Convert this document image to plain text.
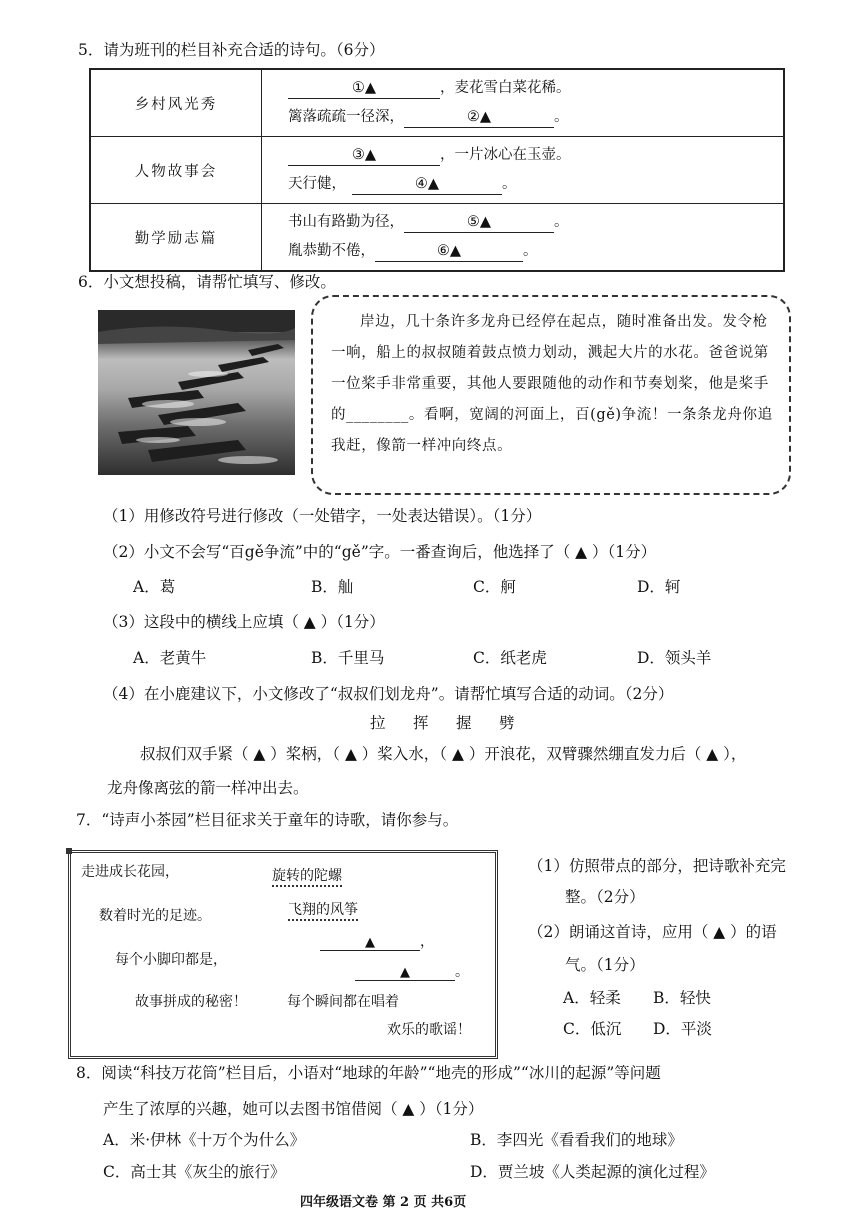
5．请为班刊的栏目补充合适的诗句。（6分）
乡村风光秀	①▲ ，麦花雪白菜花稀。
篱落疏疏一径深， ②▲ 。

人物故事会	③▲ ，一片冰心在玉壶。
天行健， ④▲ 。

勤学励志篇	书山有路勤为径， ⑤▲ 。
胤恭勤不倦， ⑥▲ 。
6．小文想投稿，请帮忙填写、修改。

岸边，几十条许多龙舟已经停在起点，随时准备出发。发令枪一响，船上的叔叔随着鼓点愤力划动，溅起大片的水花。爸爸说第一位桨手非常重要，其他人要跟随他的动作和节奏划桨，他是桨手的________。看啊，宽阔的河面上，百(gě)争流！一条条龙舟你追我赶，像箭一样冲向终点。

（1）用修改符号进行修改（一处错字，一处表达错误）。（1分）
（2）小文不会写“百gě争流”中的“gě”字。一番查询后，他选择了（ ▲ ）（1分）
A．葛	B．舢	C．舸	D．轲
（3）这段中的横线上应填（ ▲ ）（1分）
A．老黄牛	B．千里马	C．纸老虎	D．领头羊
（4）在小鹿建议下，小文修改了“叔叔们划龙舟”。请帮忙填写合适的动词。（2分）
拉 挥 握 劈
叔叔们双手紧（ ▲ ）桨柄，（ ▲ ）桨入水，（ ▲ ）开浪花，双臂骤然绷直发力后（ ▲ ），
龙舟像离弦的箭一样冲出去。
7．“诗声小茶园”栏目征求关于童年的诗歌，请你参与。
走进成长花园，
数着时光的足迹。
每个小脚印都是，
故事拼成的秘密！
旋转的陀螺
飞翔的风筝
▲	，
▲	。
每个瞬间都在唱着
欢乐的歌谣！
（1）仿照带点的部分，把诗歌补充完
整。（2分）
（2）朗诵这首诗，应用（ ▲ ）的语
气。（1分）
A．轻柔 B．轻快
C．低沉 D．平淡
8．阅读“科技万花筒”栏目后，小语对“地球的年龄”“地壳的形成”“冰川的起源”等问题
产生了浓厚的兴趣，她可以去图书馆借阅（ ▲ ）（1分）
A．米·伊林《十万个为什么》	B．李四光《看看我们的地球》
C．高士其《灰尘的旅行》	D．贾兰坡《人类起源的演化过程》
四年级语文卷 第 2 页 共6页
